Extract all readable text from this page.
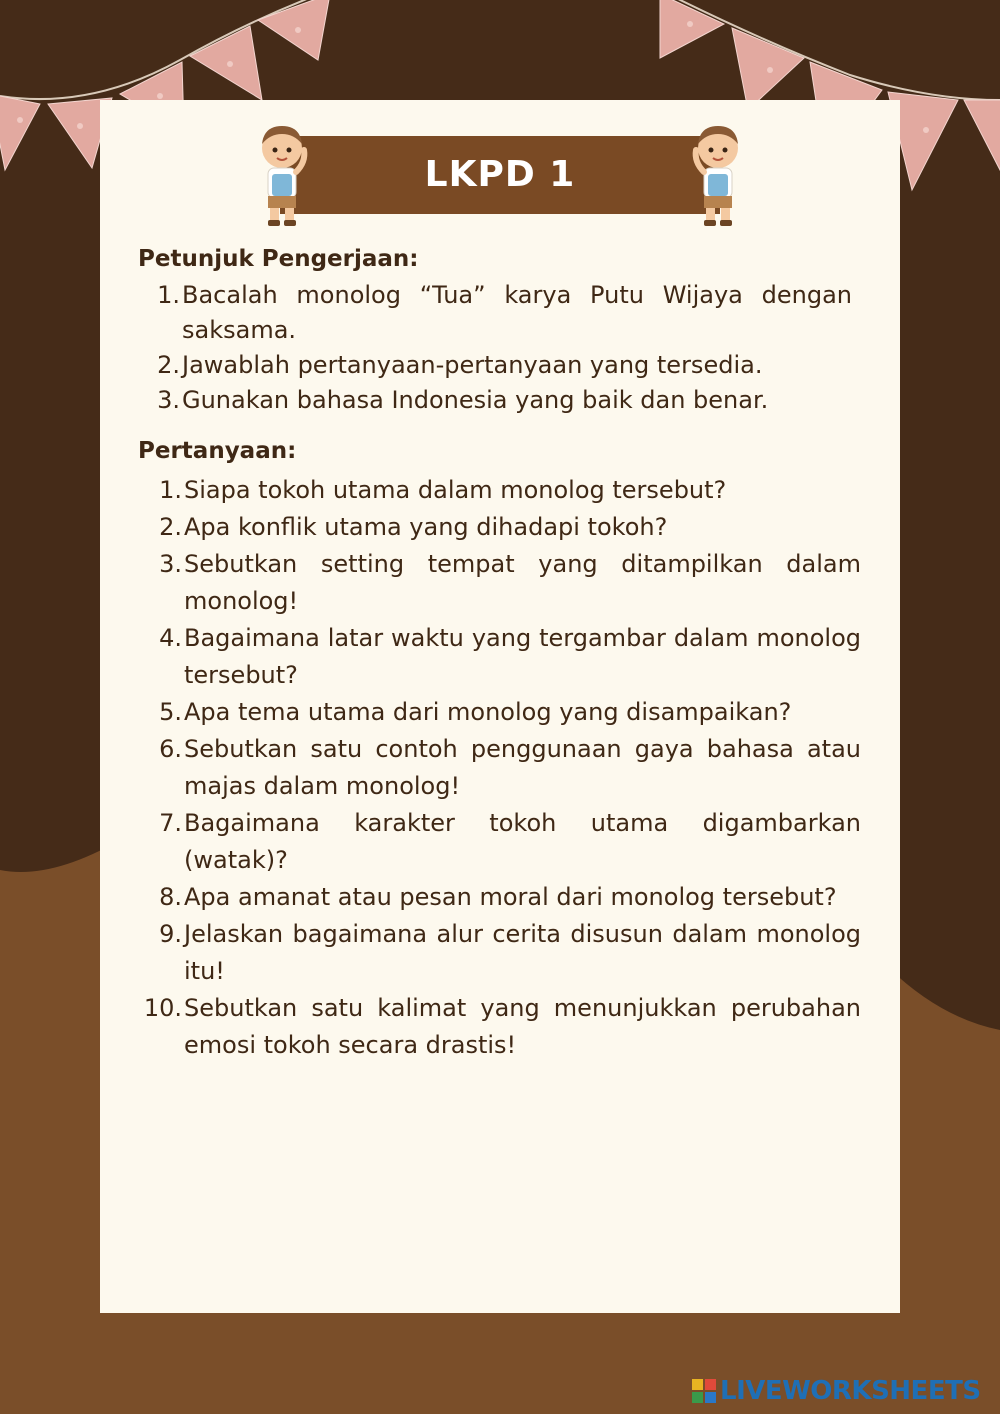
LKPD 1
Petunjuk Pengerjaan:
1. Bacalah monolog “Tua” karya Putu Wijaya dengan saksama.
2. Jawablah pertanyaan-pertanyaan yang tersedia.
3. Gunakan bahasa Indonesia yang baik dan benar.
Pertanyaan:
1. Siapa tokoh utama dalam monolog tersebut?
2. Apa konflik utama yang dihadapi tokoh?
3. Sebutkan setting tempat yang ditampilkan dalam monolog!
4. Bagaimana latar waktu yang tergambar dalam monolog tersebut?
5. Apa tema utama dari monolog yang disampaikan?
6. Sebutkan satu contoh penggunaan gaya bahasa atau majas dalam monolog!
7. Bagaimana karakter tokoh utama digambarkan (watak)?
8. Apa amanat atau pesan moral dari monolog tersebut?
9. Jelaskan bagaimana alur cerita disusun dalam monolog itu!
10. Sebutkan satu kalimat yang menunjukkan perubahan emosi tokoh secara drastis!
LIVEWORKSHEETS
